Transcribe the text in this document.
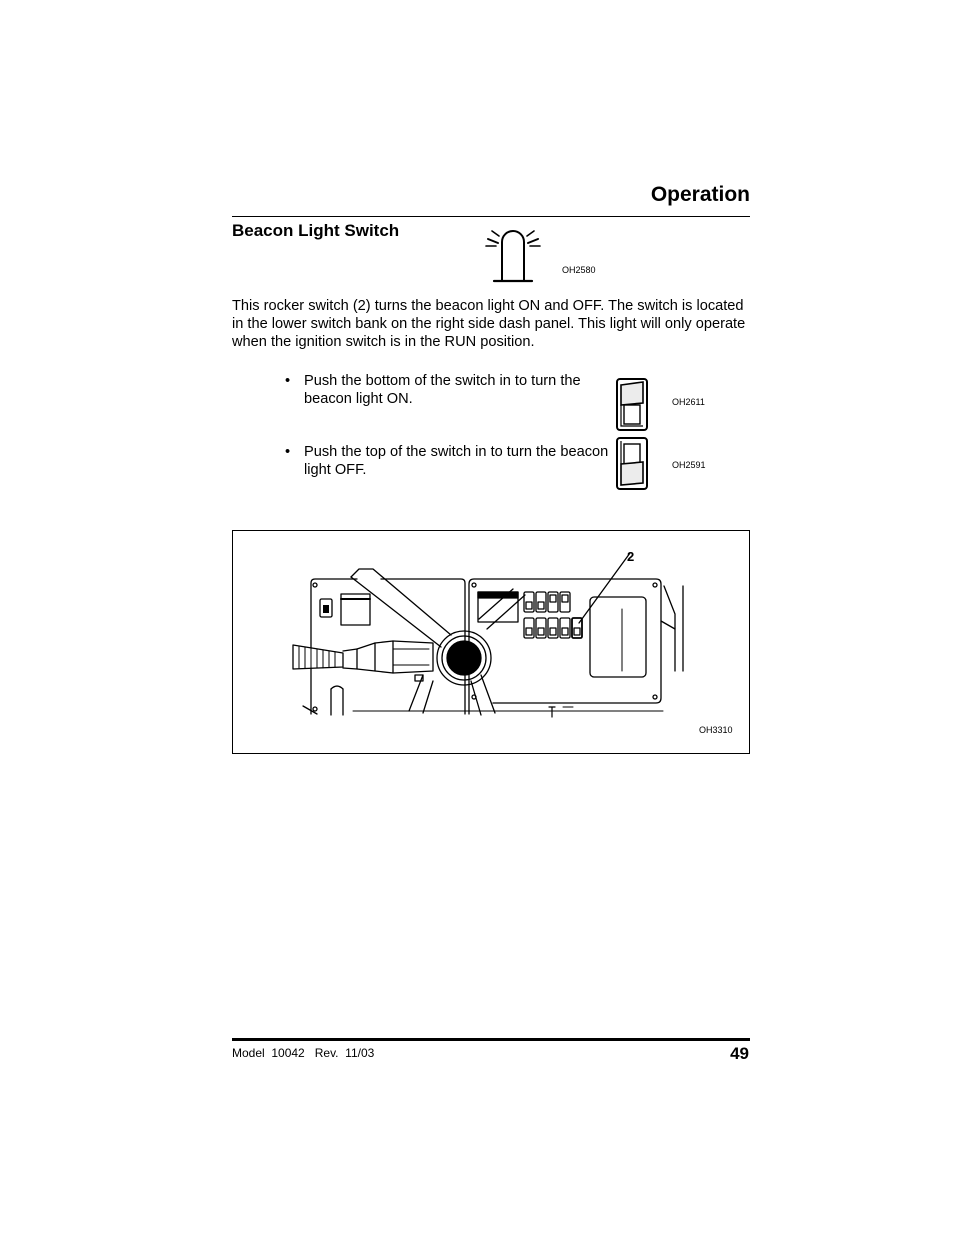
Operation
Beacon Light Switch
OH2580
This rocker switch (2) turns the beacon light ON and OFF. The switch is located in the lower switch bank on the right side dash panel. This light will only operate when the ignition switch is in the RUN position.
• Push the bottom of the switch in to turn the beacon light ON.	OH2611
• Push the top of the switch in to turn the beacon light OFF.	OH2591
2
OH3310
Model  10042   Rev.  11/03	49
